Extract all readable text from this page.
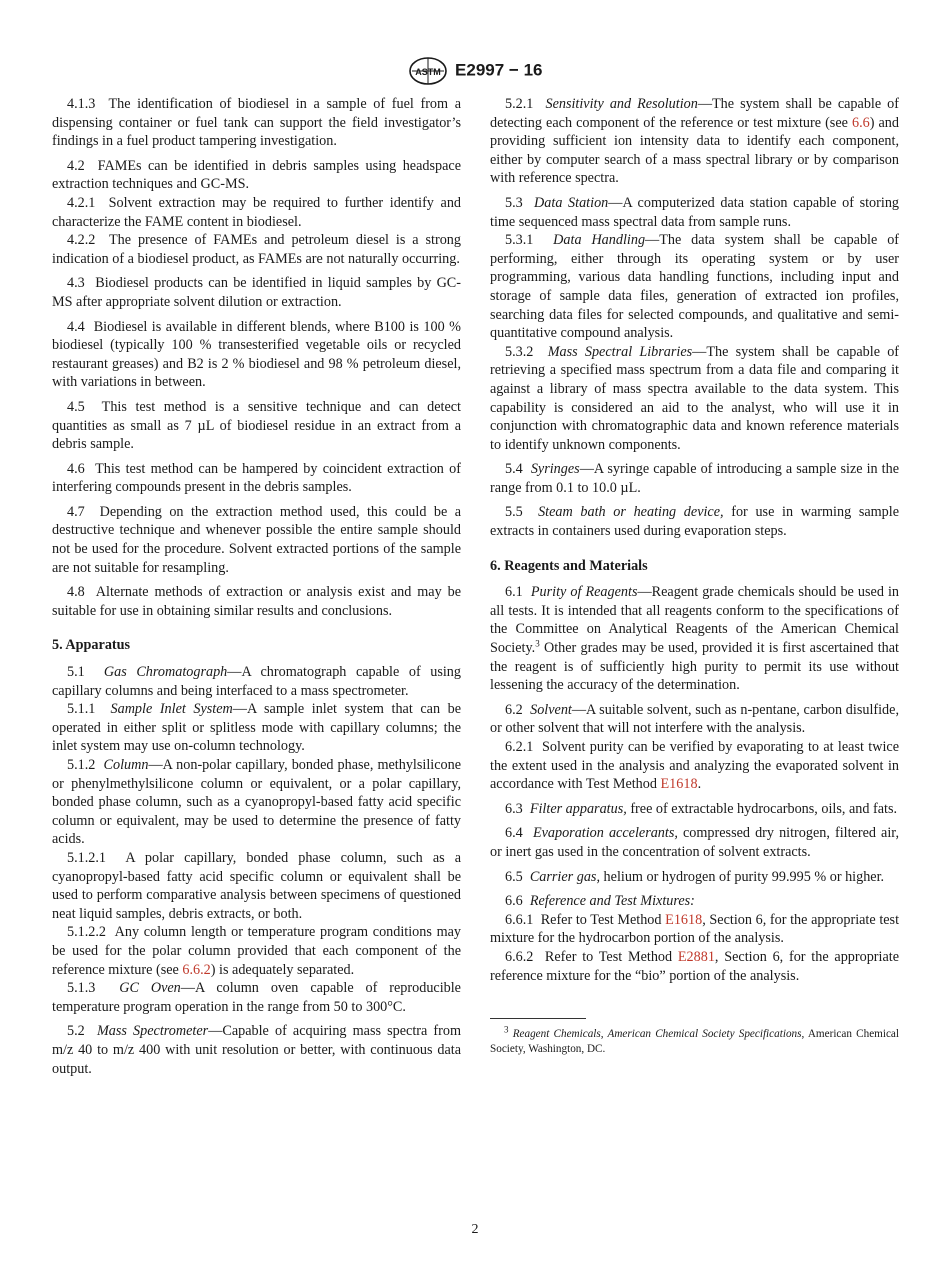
ASTM E2997 − 16

4.1.3 The identification of biodiesel in a sample of fuel from a dispensing container or fuel tank can support the field investigator’s findings in a fuel product tampering investigation.

4.2 FAMEs can be identified in debris samples using headspace extraction techniques and GC-MS.

4.2.1 Solvent extraction may be required to further identify and characterize the FAME content in biodiesel.

4.2.2 The presence of FAMEs and petroleum diesel is a strong indication of a biodiesel product, as FAMEs are not naturally occurring.

4.3 Biodiesel products can be identified in liquid samples by GC-MS after appropriate solvent dilution or extraction.

4.4 Biodiesel is available in different blends, where B100 is 100 % biodiesel (typically 100 % transesterified vegetable oils or recycled restaurant greases) and B2 is 2 % biodiesel and 98 % petroleum diesel, with variations in between.

4.5 This test method is a sensitive technique and can detect quantities as small as 7 µL of biodiesel residue in an extract from a debris sample.

4.6 This test method can be hampered by coincident extraction of interfering compounds present in the debris samples.

4.7 Depending on the extraction method used, this could be a destructive technique and whenever possible the entire sample should not be used for the procedure. Solvent extracted portions of the sample are not suitable for resampling.

4.8 Alternate methods of extraction or analysis exist and may be suitable for use in obtaining similar results and conclusions.

5. Apparatus

5.1 Gas Chromatograph—A chromatograph capable of using capillary columns and being interfaced to a mass spectrometer.

5.1.1 Sample Inlet System—A sample inlet system that can be operated in either split or splitless mode with capillary columns; the inlet system may use on-column technology.

5.1.2 Column—A non-polar capillary, bonded phase, methylsilicone or phenylmethylsilicone column or equivalent, or a polar capillary, bonded phase column, such as a cyanopropyl-based fatty acid specific column or equivalent, may be used to determine the presence of fatty acids.

5.1.2.1 A polar capillary, bonded phase column, such as a cyanopropyl-based fatty acid specific column or equivalent shall be used to perform comparative analysis between specimens of questioned neat liquid samples, debris extracts, or both.

5.1.2.2 Any column length or temperature program conditions may be used for the polar column provided that each component of the reference mixture (see 6.6.2) is adequately separated.

5.1.3 GC Oven—A column oven capable of reproducible temperature program operation in the range from 50 to 300°C.

5.2 Mass Spectrometer—Capable of acquiring mass spectra from m/z 40 to m/z 400 with unit resolution or better, with continuous data output.

5.2.1 Sensitivity and Resolution—The system shall be capable of detecting each component of the reference or test mixture (see 6.6) and providing sufficient ion intensity data to identify each component, either by computer search of a mass spectral library or by comparison with reference spectra.

5.3 Data Station—A computerized data station capable of storing time sequenced mass spectral data from sample runs.

5.3.1 Data Handling—The data system shall be capable of performing, either through its operating system or by user programming, various data handling functions, including input and storage of sample data files, generation of extracted ion profiles, searching data files for selected compounds, and qualitative and semi-quantitative compound analysis.

5.3.2 Mass Spectral Libraries—The system shall be capable of retrieving a specified mass spectrum from a data file and comparing it against a library of mass spectra available to the data system. This capability is considered an aid to the analyst, who will use it in conjunction with chromatographic data and known reference materials to identify unknown components.

5.4 Syringes—A syringe capable of introducing a sample size in the range from 0.1 to 10.0 µL.

5.5 Steam bath or heating device, for use in warming sample extracts in containers used during evaporation steps.

6. Reagents and Materials

6.1 Purity of Reagents—Reagent grade chemicals should be used in all tests. It is intended that all reagents conform to the specifications of the Committee on Analytical Reagents of the American Chemical Society.$^3$ Other grades may be used, provided it is first ascertained that the reagent is of sufficiently high purity to permit its use without lessening the accuracy of the determination.

6.2 Solvent—A suitable solvent, such as n-pentane, carbon disulfide, or other solvent that will not interfere with the analysis.

6.2.1 Solvent purity can be verified by evaporating to at least twice the extent used in the analysis and analyzing the evaporated solvent in accordance with Test Method E1618.

6.3 Filter apparatus, free of extractable hydrocarbons, oils, and fats.

6.4 Evaporation accelerants, compressed dry nitrogen, filtered air, or inert gas used in the concentration of solvent extracts.

6.5 Carrier gas, helium or hydrogen of purity 99.995 % or higher.

6.6 Reference and Test Mixtures:

6.6.1 Refer to Test Method E1618, Section 6, for the appropriate test mixture for the hydrocarbon portion of the analysis.

6.6.2 Refer to Test Method E2881, Section 6, for the appropriate reference mixture for the “bio” portion of the analysis.

$^3$ Reagent Chemicals, American Chemical Society Specifications, American Chemical Society, Washington, DC.

2
